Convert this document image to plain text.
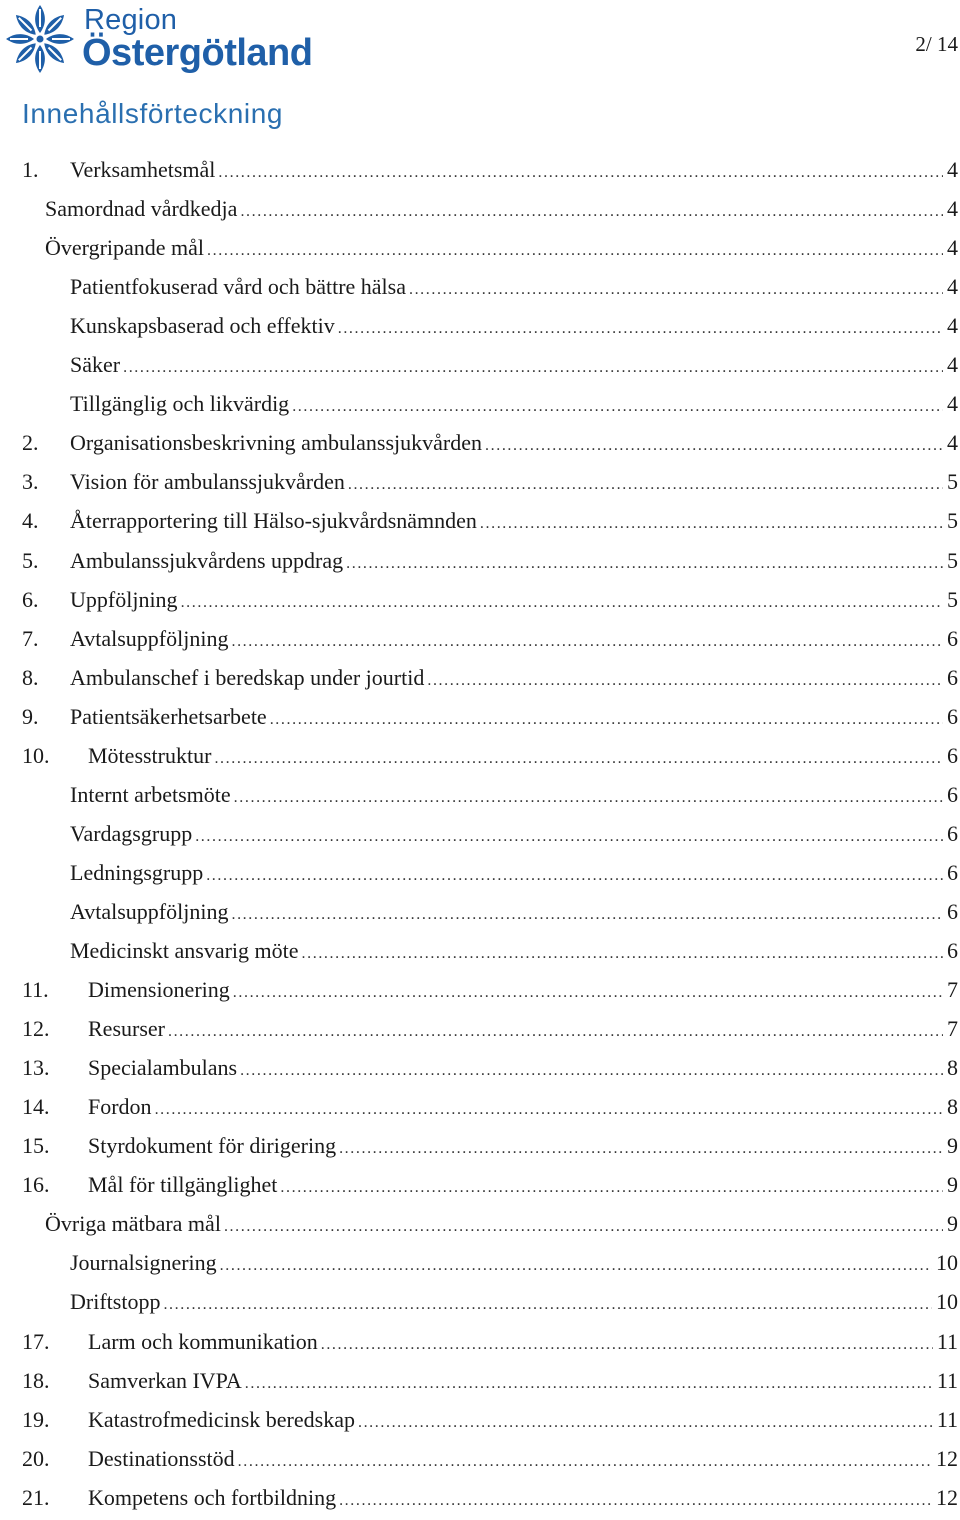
Region
Östergötland	2/ 14
Innehållsförteckning
1. Verksamhetsmål .....	4
Samordnad vårdkedja .....	4
Övergripande mål .....	4
Patientfokuserad vård och bättre hälsa .....	4
Kunskapsbaserad och effektiv .....	4
Säker .....	4
Tillgänglig och likvärdig .....	4
2. Organisationsbeskrivning ambulanssjukvården .....	4
3. Vision för ambulanssjukvården .....	5
4. Återrapportering till Hälso-sjukvårdsnämnden .....	5
5. Ambulanssjukvårdens uppdrag .....	5
6. Uppföljning .....	5
7. Avtalsuppföljning .....	6
8. Ambulanschef i beredskap under jourtid .....	6
9. Patientsäkerhetsarbete .....	6
10. Mötesstruktur .....	6
Internt arbetsmöte .....	6
Vardagsgrupp .....	6
Ledningsgrupp .....	6
Avtalsuppföljning .....	6
Medicinskt ansvarig möte .....	6
11. Dimensionering .....	7
12. Resurser .....	7
13. Specialambulans .....	8
14. Fordon .....	8
15. Styrdokument för dirigering .....	9
16. Mål för tillgänglighet .....	9
Övriga mätbara mål .....	9
Journalsignering .....	10
Driftstopp .....	10
17. Larm och kommunikation .....	11
18. Samverkan IVPA .....	11
19. Katastrofmedicinsk beredskap .....	11
20. Destinationsstöd .....	12
21. Kompetens och fortbildning .....	12
